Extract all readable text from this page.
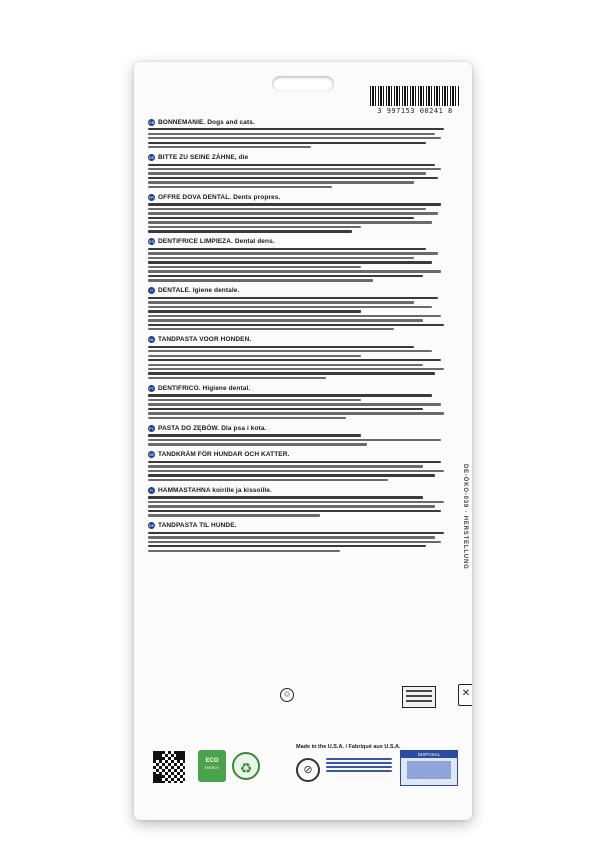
3 997153 00241 8
GB BONNEMANIE. Dogs and cats.
DE BITTE ZU SEINE ZÄHNE, die
FR OFFRE DOVA DENTAL. Dents propres.
ES DENTIFRICE LIMPIEZA. Dental dens.
IT DENTALE. Igiene dentale.
NL TANDPASTA VOOR HONDEN.
PT DENTIFRICO. Higiene dental.
PL PASTA DO ZĘBÓW. Dla psa i kota.
SE TANDKRÄM FÖR HUNDAR OCH KATTER.
FI HAMMASTAHNA koirille ja kissoille.
DK TANDPASTA TIL HUNDE.	DE-ÖKO-039 · HERSTELLUNG
♲	✕
ECO
ENERGY	♻
Made in the U.S.A. / Fabriqué aux U.S.A.
⊘
DISPOSAL
